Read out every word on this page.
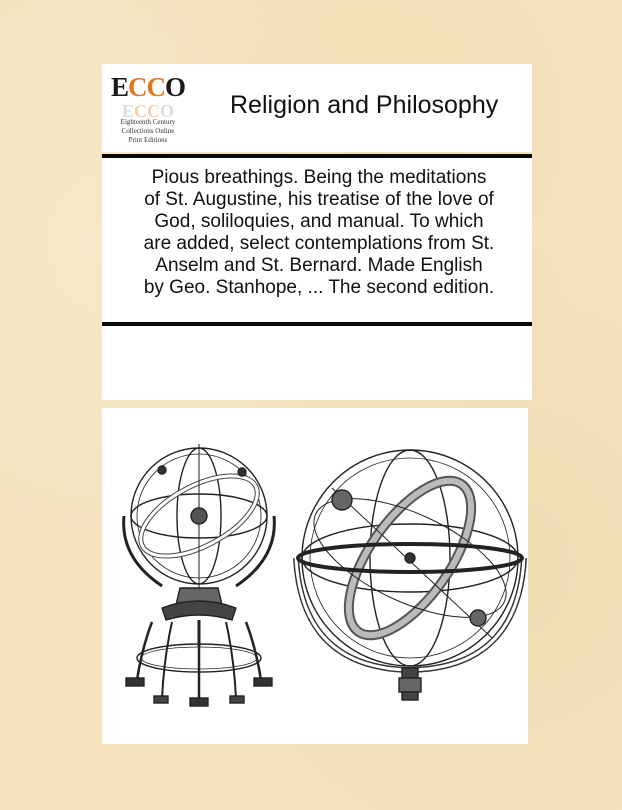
E C C O
E C C O
Eighteenth Century
Collections Online
Print Editions
Religion and Philosophy
Pious breathings. Being the meditations
of St. Augustine, his treatise of the love of
God, soliloquies, and manual. To which
are added, select contemplations from St.
Anselm and St. Bernard. Made English
by Geo. Stanhope, ... The second edition.
